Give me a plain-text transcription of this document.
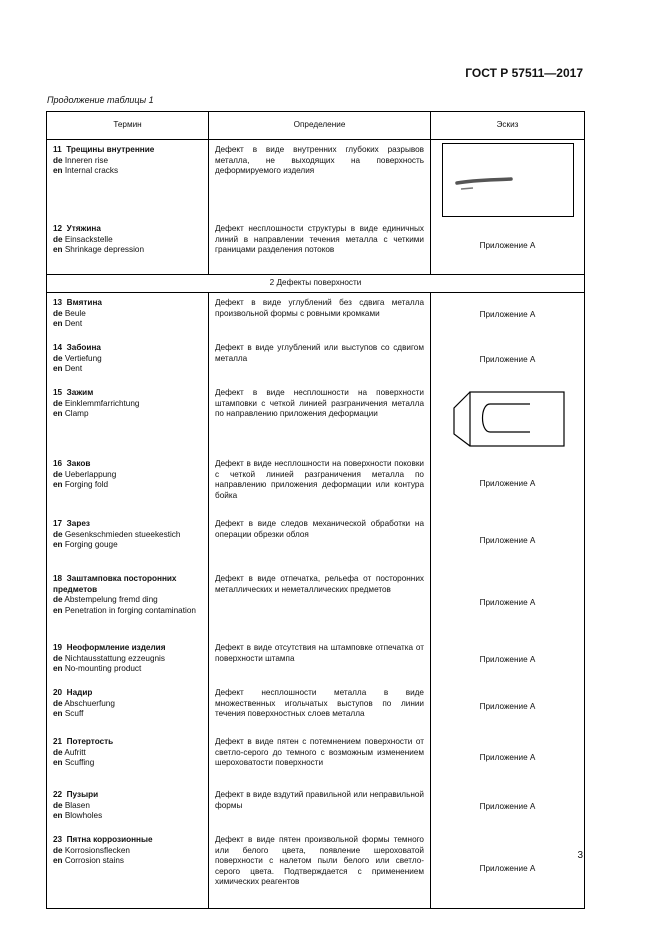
ГОСТ Р 57511—2017
Продолжение таблицы 1
Термин	Определение	Эскиз

11 Трещины внутренние
de Inneren rise
en Internal cracks	Дефект в виде внутренних глубоких разрывов металла, не выходящих на поверхность деформируемого изделия	

12 Утяжина
de Einsackstelle
en Shrinkage depression	Дефект несплошности структуры в виде единичных линий в направлении течения металла с четкими границами разделения потоков	Приложение А
2 Дефекты поверхности		

13 Вмятина
de Beule
en Dent	Дефект в виде углублений без сдвига металла произвольной формы с ровными кромками	Приложение А

14 Забоина
de Vertiefung
en Dent	Дефект в виде углублений или выступов со сдвигом металла	Приложение А

15 Зажим
de Einklemmfarrichtung
en Clamp	Дефект в виде несплошности на поверхности штамповки с четкой линией разграничения металла по направлению приложения деформации	

16 Заков
de Ueberlappung
en Forging fold	Дефект в виде несплошности на поверхности поковки с четкой линией разграничения металла по направлению приложения деформации или контура бойка	Приложение А

17 Зарез
de Gesenkschmieden stueekestich
en Forging gouge	Дефект в виде следов механической обработки на операции обрезки облоя	Приложение А

18 Заштамповка посторонних предметов
de Abstempelung fremd ding
en Penetration in forging contamination	Дефект в виде отпечатка, рельефа от посторонних металлических и неметаллических предметов	Приложение А

19 Неоформление изделия
de Nichtausstattung ezzeugnis
en No-mounting product	Дефект в виде отсутствия на штамповке отпечатка от поверхности штампа	Приложение А

20 Надир
de Abschuerfung
en Scuff	Дефект несплошности металла в виде множественных игольчатых выступов по линии течения поверхностных слоев металла	Приложение А

21 Потертость
de Aufritt
en Scuffing	Дефект в виде пятен с потемнением поверхности от светло-серого до темного с возможным изменением шероховатости поверхности	Приложение А

22 Пузыри
de Blasen
en Blowholes	Дефект в виде вздутий правильной или неправильной формы	Приложение А

23 Пятна коррозионные
de Korrosionsflecken
en Corrosion stains	Дефект в виде пятен произвольной формы темного или белого цвета, появление шероховатой поверхности с налетом пыли белого или светло-серого цвета. Подтверждается с применением химических реагентов	Приложение А
3
